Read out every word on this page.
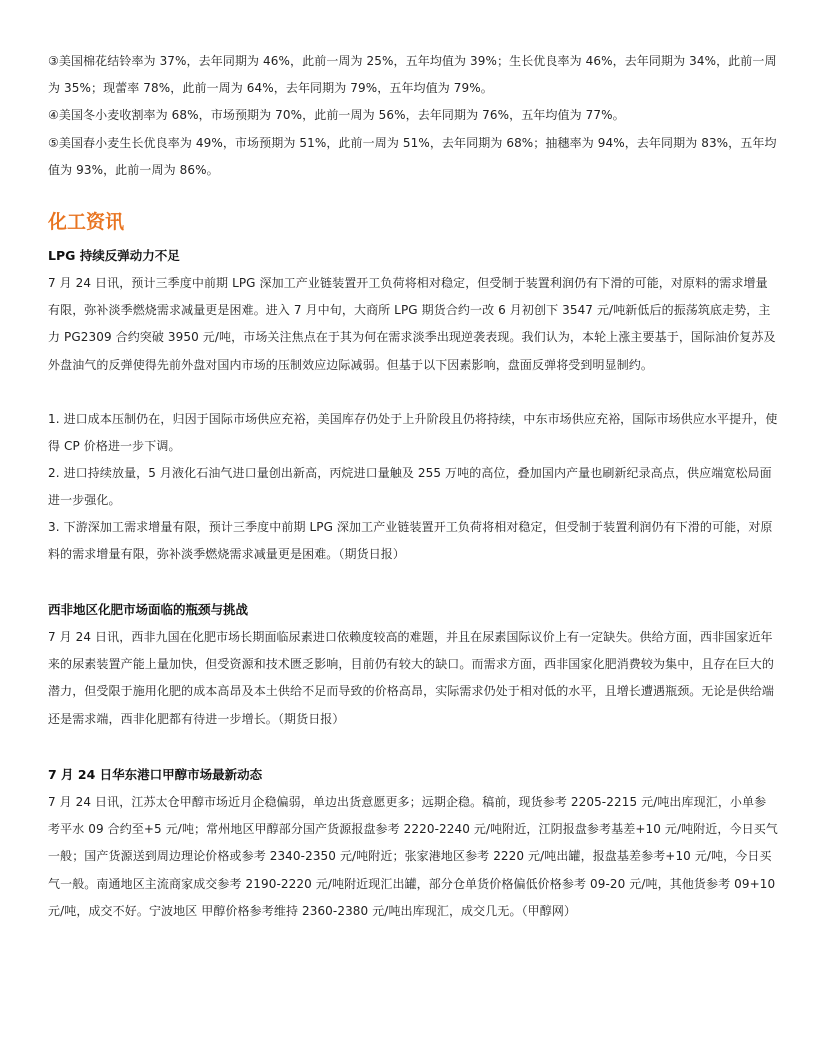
③美国棉花结铃率为 37%，去年同期为 46%，此前一周为 25%，五年均值为 39%；生长优良率为 46%，去年同期为 34%，此前一周为 35%；现蕾率 78%，此前一周为 64%，去年同期为 79%，五年均值为 79%。

④美国冬小麦收割率为 68%，市场预期为 70%，此前一周为 56%，去年同期为 76%，五年均值为 77%。

⑤美国春小麦生长优良率为 49%，市场预期为 51%，此前一周为 51%，去年同期为 68%；抽穗率为 94%，去年同期为 83%，五年均值为 93%，此前一周为 86%。

化工资讯
LPG 持续反弹动力不足

7 月 24 日讯，预计三季度中前期 LPG 深加工产业链装置开工负荷将相对稳定，但受制于装置利润仍有下滑的可能，对原料的需求增量有限，弥补淡季燃烧需求减量更是困难。进入 7 月中旬，大商所 LPG 期货合约一改 6 月初创下 3547 元/吨新低后的振荡筑底走势，主力 PG2309 合约突破 3950 元/吨，市场关注焦点在于其为何在需求淡季出现逆袭表现。我们认为，本轮上涨主要基于，国际油价复苏及外盘油气的反弹使得先前外盘对国内市场的压制效应边际减弱。但基于以下因素影响，盘面反弹将受到明显制约。

1. 进口成本压制仍在，归因于国际市场供应充裕，美国库存仍处于上升阶段且仍将持续，中东市场供应充裕，国际市场供应水平提升，使得 CP 价格进一步下调。

2. 进口持续放量，5 月液化石油气进口量创出新高，丙烷进口量触及 255 万吨的高位，叠加国内产量也刷新纪录高点，供应端宽松局面进一步强化。

3. 下游深加工需求增量有限，预计三季度中前期 LPG 深加工产业链装置开工负荷将相对稳定，但受制于装置利润仍有下滑的可能，对原料的需求增量有限，弥补淡季燃烧需求减量更是困难。（期货日报）

西非地区化肥市场面临的瓶颈与挑战

7 月 24 日讯，西非九国在化肥市场长期面临尿素进口依赖度较高的难题，并且在尿素国际议价上有一定缺失。供给方面，西非国家近年来的尿素装置产能上量加快，但受资源和技术匮乏影响，目前仍有较大的缺口。而需求方面，西非国家化肥消费较为集中，且存在巨大的潜力，但受限于施用化肥的成本高昂及本土供给不足而导致的价格高昂，实际需求仍处于相对低的水平，且增长遭遇瓶颈。无论是供给端还是需求端，西非化肥都有待进一步增长。（期货日报）

7 月 24 日华东港口甲醇市场最新动态

7 月 24 日讯，江苏太仓甲醇市场近月企稳偏弱，单边出货意愿更多；远期企稳。稿前，现货参考 2205-2215 元/吨出库现汇，小单参考平水 09 合约至+5 元/吨；常州地区甲醇部分国产货源报盘参考 2220-2240 元/吨附近，江阴报盘参考基差+10 元/吨附近，今日买气一般；国产货源送到周边理论价格或参考 2340-2350 元/吨附近；张家港地区参考 2220 元/吨出罐，报盘基差参考+10 元/吨，今日买气一般。南通地区主流商家成交参考 2190-2220 元/吨附近现汇出罐，部分仓单货价格偏低价格参考 09-20 元/吨，其他货参考 09+10 元/吨，成交不好。宁波地区 甲醇价格参考维持 2360-2380 元/吨出库现汇，成交几无。（甲醇网）
